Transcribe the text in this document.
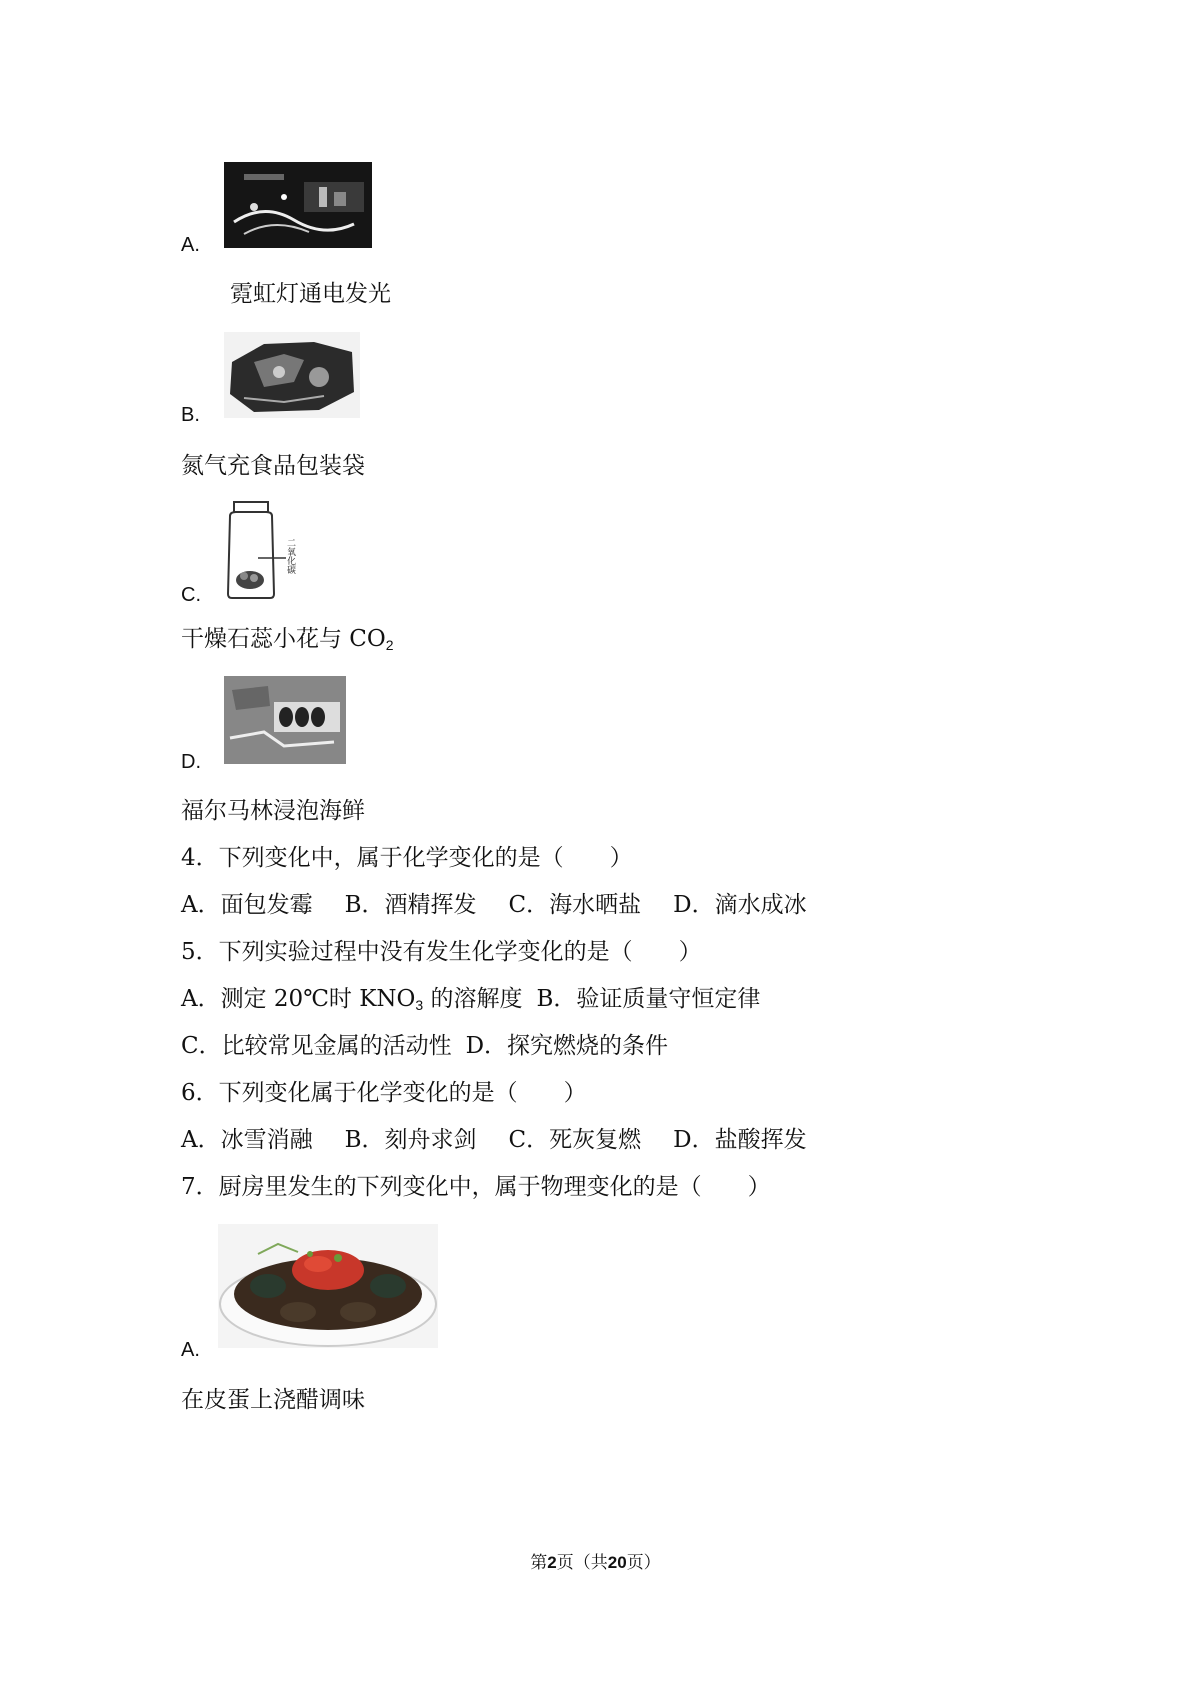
A.
霓虹灯通电发光
B.
氮气充食品包装袋
二氧化碳
C.
干燥石蕊小花与 $CO_2$
D.
福尔马林浸泡海鲜
4．下列变化中，属于化学变化的是（　　）
A．面包发霉 B．酒精挥发 C．海水晒盐 D．滴水成冰
5．下列实验过程中没有发生化学变化的是（　　）
A．测定 20℃时 $KNO_3$ 的溶解度 B．验证质量守恒定律
C．比较常见金属的活动性 D．探究燃烧的条件
6．下列变化属于化学变化的是（　　）
A．冰雪消融 B．刻舟求剑 C．死灰复燃 D．盐酸挥发
7．厨房里发生的下列变化中，属于物理变化的是（　　）
A.
在皮蛋上浇醋调味
第2页（共20页）
